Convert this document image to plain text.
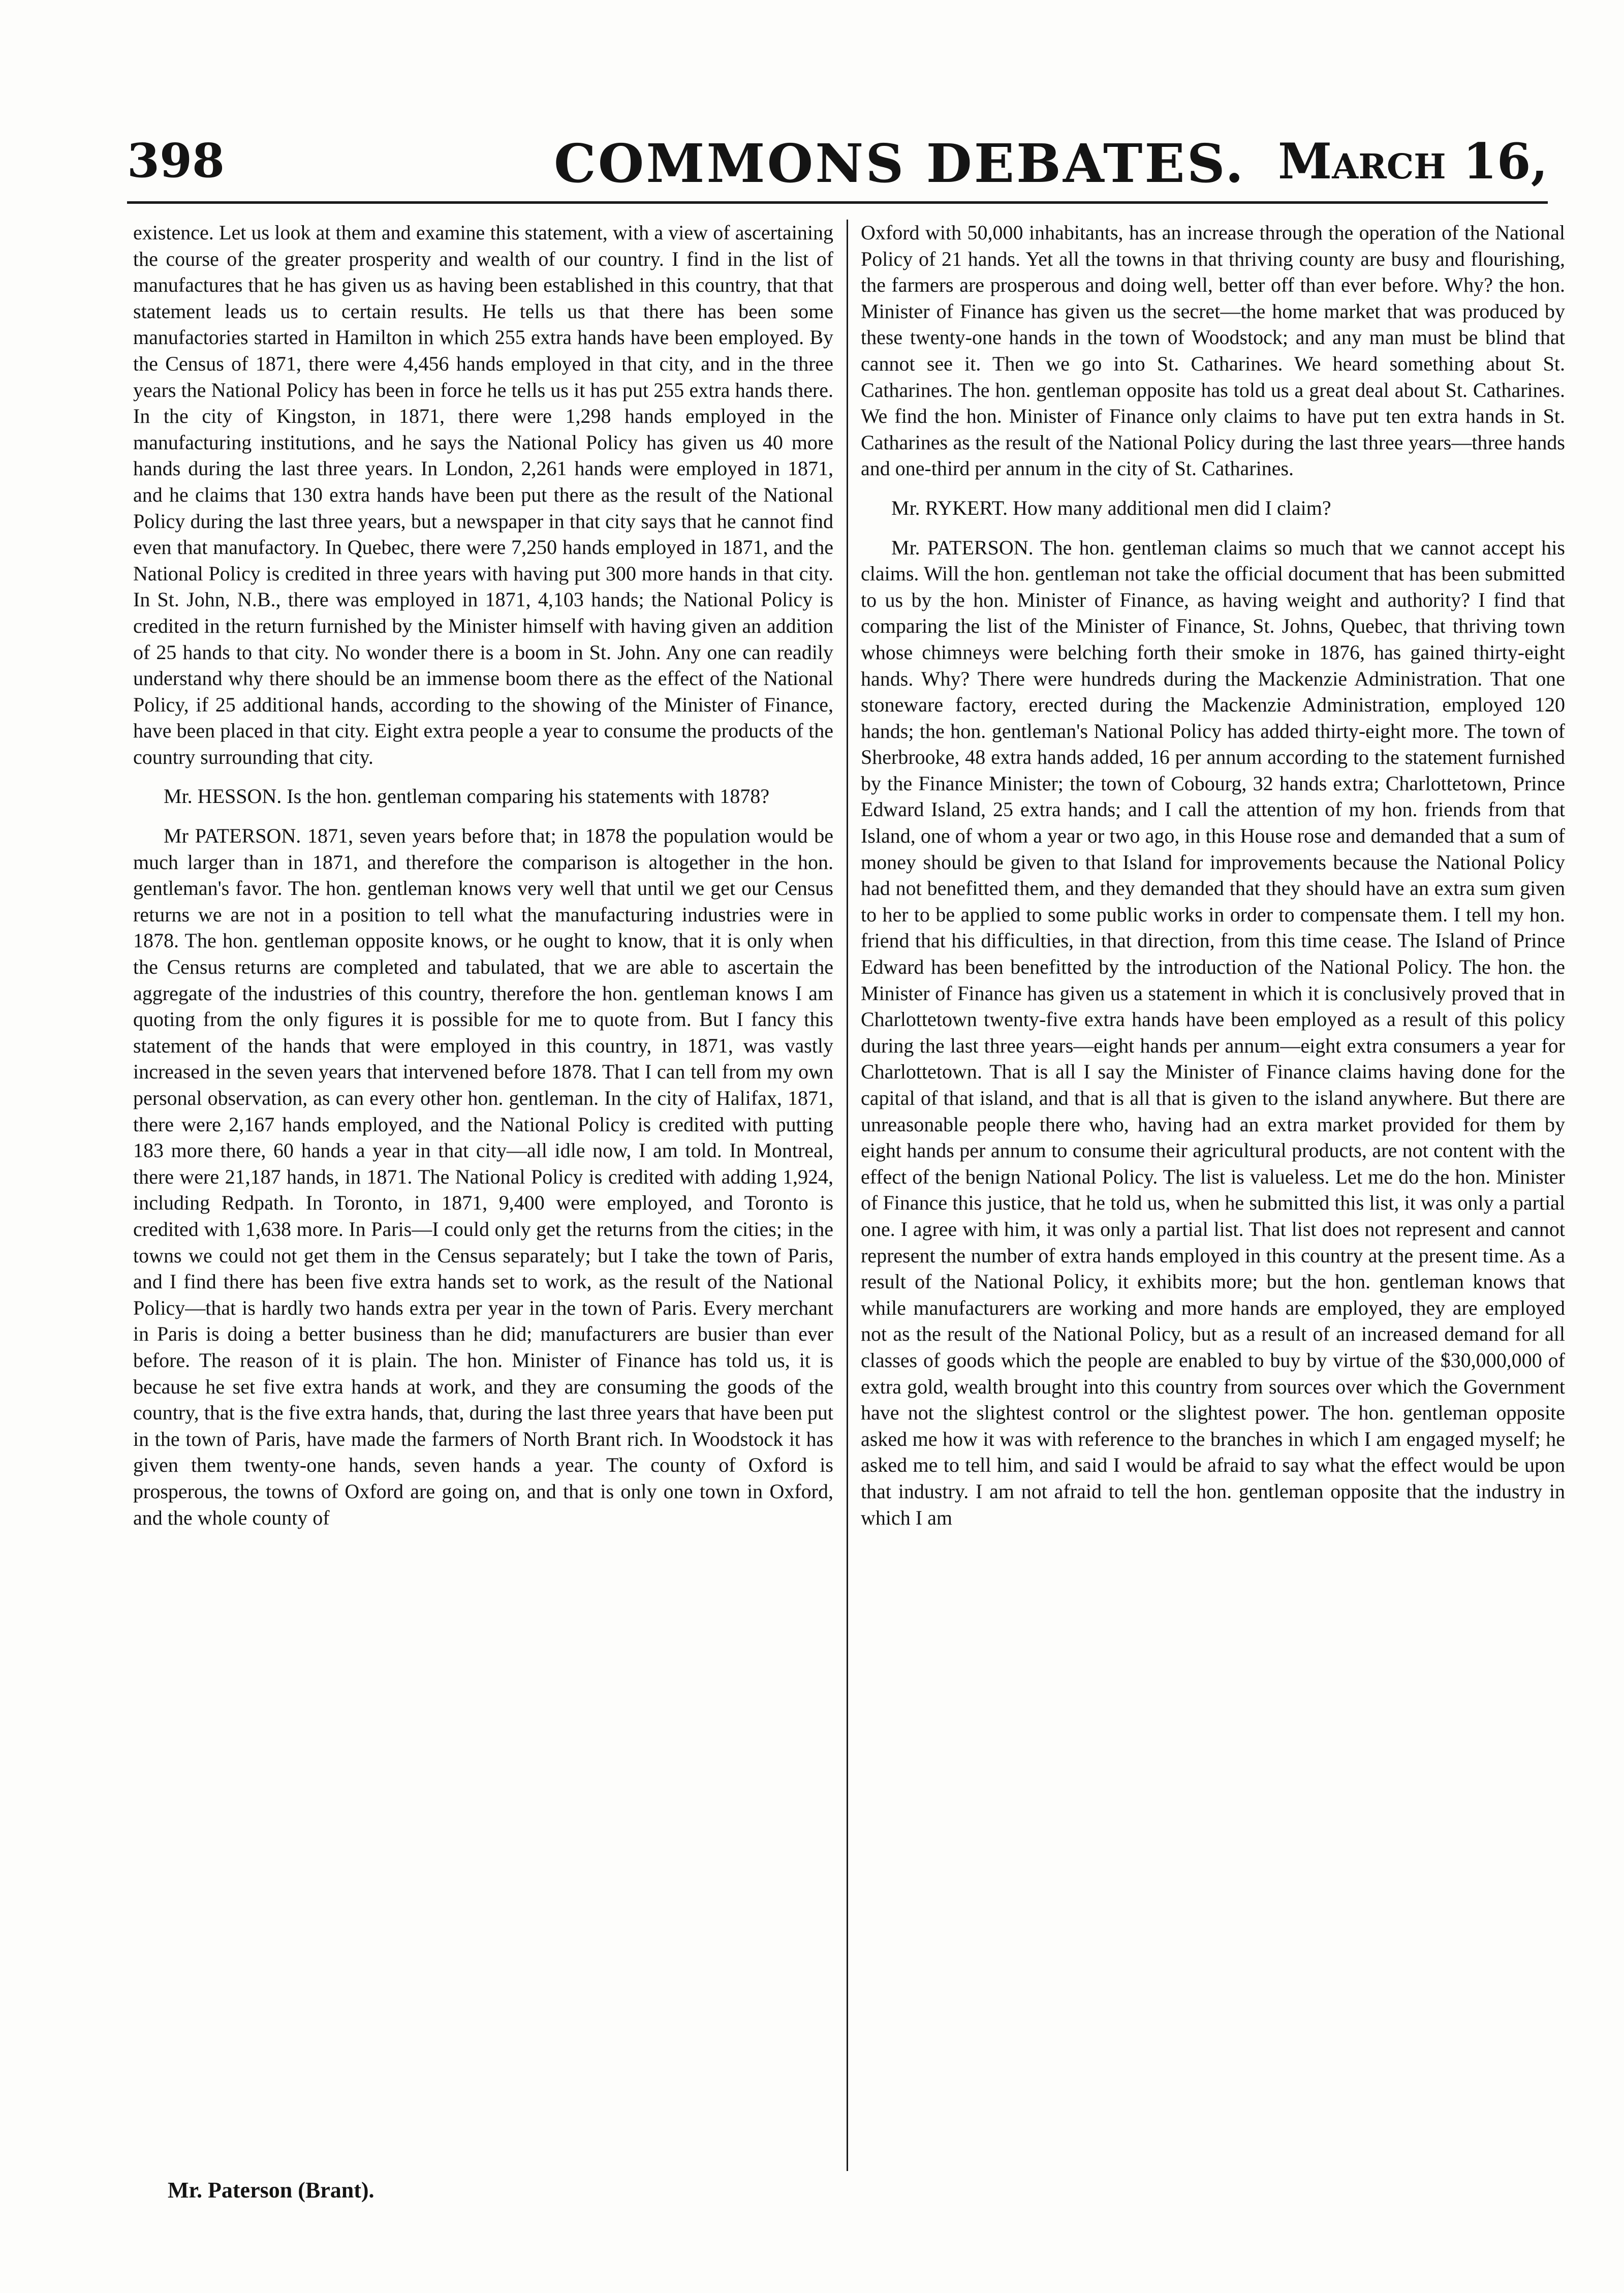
398	COMMONS DEBATES. March 16,

existence. Let us look at them and examine this statement, with a view of ascertaining the course of the greater prosperity and wealth of our country. I find in the list of manufactures that he has given us as having been established in this country, that that statement leads us to certain results. He tells us that there has been some manufactories started in Hamilton in which 255 extra hands have been employed. By the Census of 1871, there were 4,456 hands employed in that city, and in the three years the National Policy has been in force he tells us it has put 255 extra hands there. In the city of Kingston, in 1871, there were 1,298 hands employed in the manufacturing institutions, and he says the National Policy has given us 40 more hands during the last three years. In London, 2,261 hands were employed in 1871, and he claims that 130 extra hands have been put there as the result of the National Policy during the last three years, but a newspaper in that city says that he cannot find even that manufactory. In Quebec, there were 7,250 hands employed in 1871, and the National Policy is credited in three years with having put 300 more hands in that city. In St. John, N.B., there was employed in 1871, 4,103 hands; the National Policy is credited in the return furnished by the Minister himself with having given an addition of 25 hands to that city. No wonder there is a boom in St. John. Any one can readily understand why there should be an immense boom there as the effect of the National Policy, if 25 additional hands, according to the showing of the Minister of Finance, have been placed in that city. Eight extra people a year to consume the products of the country surrounding that city.

Mr. HESSON. Is the hon. gentleman comparing his statements with 1878?

Mr PATERSON. 1871, seven years before that; in 1878 the population would be much larger than in 1871, and therefore the comparison is altogether in the hon. gentleman's favor. The hon. gentleman knows very well that until we get our Census returns we are not in a position to tell what the manufacturing industries were in 1878. The hon. gentleman opposite knows, or he ought to know, that it is only when the Census returns are completed and tabulated, that we are able to ascertain the aggregate of the industries of this country, therefore the hon. gentleman knows I am quoting from the only figures it is possible for me to quote from. But I fancy this statement of the hands that were employed in this country, in 1871, was vastly increased in the seven years that intervened before 1878. That I can tell from my own personal observation, as can every other hon. gentleman. In the city of Halifax, 1871, there were 2,167 hands employed, and the National Policy is credited with putting 183 more there, 60 hands a year in that city—all idle now, I am told. In Montreal, there were 21,187 hands, in 1871. The National Policy is credited with adding 1,924, including Redpath. In Toronto, in 1871, 9,400 were employed, and Toronto is credited with 1,638 more. In Paris—I could only get the returns from the cities; in the towns we could not get them in the Census separately; but I take the town of Paris, and I find there has been five extra hands set to work, as the result of the National Policy—that is hardly two hands extra per year in the town of Paris. Every merchant in Paris is doing a better business than he did; manufacturers are busier than ever before. The reason of it is plain. The hon. Minister of Finance has told us, it is because he set five extra hands at work, and they are consuming the goods of the country, that is the five extra hands, that, during the last three years that have been put in the town of Paris, have made the farmers of North Brant rich. In Woodstock it has given them twenty-one hands, seven hands a year. The county of Oxford is prosperous, the towns of Oxford are going on, and that is only one town in Oxford, and the whole county of

Oxford with 50,000 inhabitants, has an increase through the operation of the National Policy of 21 hands. Yet all the towns in that thriving county are busy and flourishing, the farmers are prosperous and doing well, better off than ever before. Why? the hon. Minister of Finance has given us the secret—the home market that was produced by these twenty-one hands in the town of Woodstock; and any man must be blind that cannot see it. Then we go into St. Catharines. We heard something about St. Catharines. The hon. gentleman opposite has told us a great deal about St. Catharines. We find the hon. Minister of Finance only claims to have put ten extra hands in St. Catharines as the result of the National Policy during the last three years—three hands and one-third per annum in the city of St. Catharines.

Mr. RYKERT. How many additional men did I claim?

Mr. PATERSON. The hon. gentleman claims so much that we cannot accept his claims. Will the hon. gentleman not take the official document that has been submitted to us by the hon. Minister of Finance, as having weight and authority? I find that comparing the list of the Minister of Finance, St. Johns, Quebec, that thriving town whose chimneys were belching forth their smoke in 1876, has gained thirty-eight hands. Why? There were hundreds during the Mackenzie Administration. That one stoneware factory, erected during the Mackenzie Administration, employed 120 hands; the hon. gentleman's National Policy has added thirty-eight more. The town of Sherbrooke, 48 extra hands added, 16 per annum according to the statement furnished by the Finance Minister; the town of Cobourg, 32 hands extra; Charlottetown, Prince Edward Island, 25 extra hands; and I call the attention of my hon. friends from that Island, one of whom a year or two ago, in this House rose and demanded that a sum of money should be given to that Island for improvements because the National Policy had not benefitted them, and they demanded that they should have an extra sum given to her to be applied to some public works in order to compensate them. I tell my hon. friend that his difficulties, in that direction, from this time cease. The Island of Prince Edward has been benefitted by the introduction of the National Policy. The hon. the Minister of Finance has given us a statement in which it is conclusively proved that in Charlottetown twenty-five extra hands have been employed as a result of this policy during the last three years—eight hands per annum—eight extra consumers a year for Charlottetown. That is all I say the Minister of Finance claims having done for the capital of that island, and that is all that is given to the island anywhere. But there are unreasonable people there who, having had an extra market provided for them by eight hands per annum to consume their agricultural products, are not content with the effect of the benign National Policy. The list is valueless. Let me do the hon. Minister of Finance this justice, that he told us, when he submitted this list, it was only a partial one. I agree with him, it was only a partial list. That list does not represent and cannot represent the number of extra hands employed in this country at the present time. As a result of the National Policy, it exhibits more; but the hon. gentleman knows that while manufacturers are working and more hands are employed, they are employed not as the result of the National Policy, but as a result of an increased demand for all classes of goods which the people are enabled to buy by virtue of the $30,000,000 of extra gold, wealth brought into this country from sources over which the Government have not the slightest control or the slightest power. The hon. gentleman opposite asked me how it was with reference to the branches in which I am engaged myself; he asked me to tell him, and said I would be afraid to say what the effect would be upon that industry. I am not afraid to tell the hon. gentleman opposite that the industry in which I am

Mr. Paterson (Brant).
